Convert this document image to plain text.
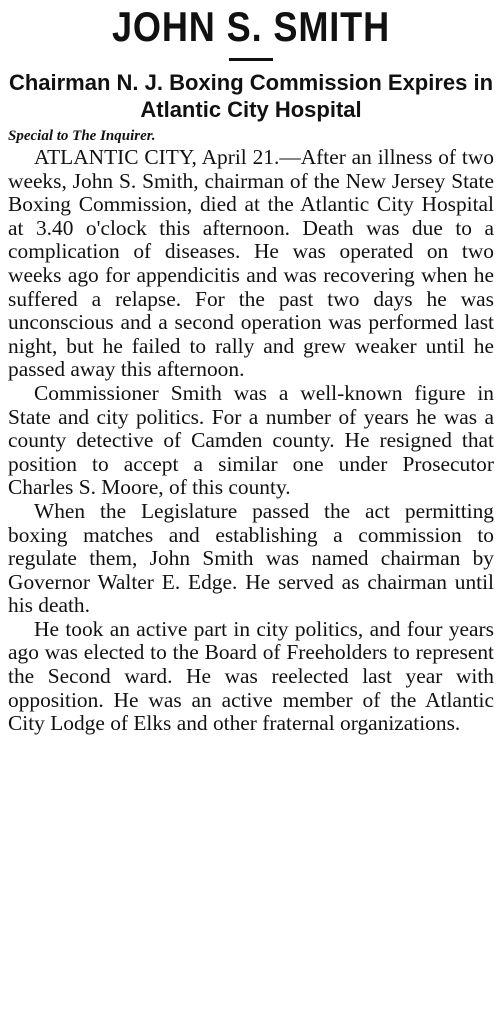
JOHN S. SMITH
Chairman N. J. Boxing Commission Expires in Atlantic City Hospital
Special to The Inquirer.

ATLANTIC CITY, April 21.—After an illness of two weeks, John S. Smith, chairman of the New Jersey State Boxing Commission, died at the Atlantic City Hospital at 3.40 o'clock this afternoon. Death was due to a complication of diseases. He was operated on two weeks ago for appendicitis and was recovering when he suffered a relapse. For the past two days he was unconscious and a second operation was performed last night, but he failed to rally and grew weaker until he passed away this afternoon.

Commissioner Smith was a well-known figure in State and city politics. For a number of years he was a county detective of Camden county. He resigned that position to accept a similar one under Prosecutor Charles S. Moore, of this county.

When the Legislature passed the act permitting boxing matches and establishing a commission to regulate them, John Smith was named chairman by Governor Walter E. Edge. He served as chairman until his death.

He took an active part in city politics, and four years ago was elected to the Board of Freeholders to represent the Second ward. He was reelected last year with opposition. He was an active member of the Atlantic City Lodge of Elks and other fraternal organizations.
